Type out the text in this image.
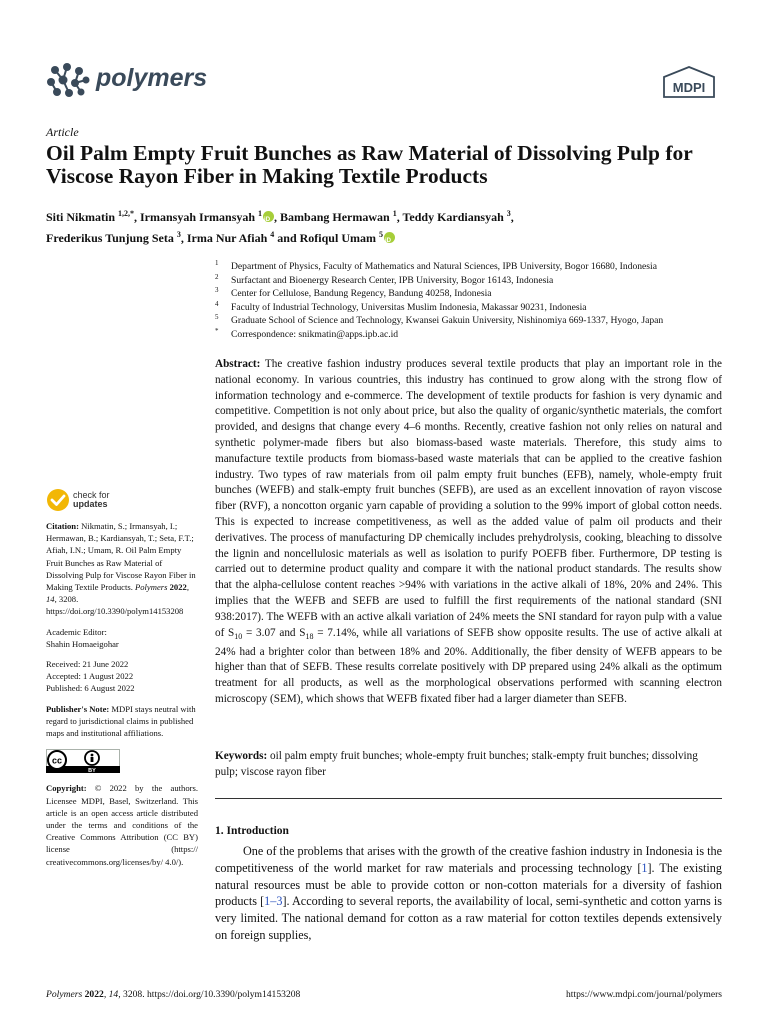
polymers	MDPI
Article
Oil Palm Empty Fruit Bunches as Raw Material of Dissolving Pulp for Viscose Rayon Fiber in Making Textile Products
Siti Nikmatin $^{1,2,*}$, Irmansyah Irmansyah $^1$iD , Bambang Hermawan $^1$, Teddy Kardiansyah $^3$,
Frederikus Tunjung Seta $^3$, Irma Nur Afiah $^4$ and Rofiqul Umam $^5$iD
1 Department of Physics, Faculty of Mathematics and Natural Sciences, IPB University, Bogor 16680, Indonesia
2 Surfactant and Bioenergy Research Center, IPB University, Bogor 16143, Indonesia
3 Center for Cellulose, Bandung Regency, Bandung 40258, Indonesia
4 Faculty of Industrial Technology, Universitas Muslim Indonesia, Makassar 90231, Indonesia
5 Graduate School of Science and Technology, Kwansei Gakuin University, Nishinomiya 669-1337, Hyogo, Japan
* Correspondence: snikmatin@apps.ipb.ac.id
Abstract: The creative fashion industry produces several textile products that play an important role in the national economy. In various countries, this industry has continued to grow along with the strong flow of information technology and e-commerce. The development of textile products for fashion is very dynamic and competitive. Competition is not only about price, but also the quality of organic/synthetic materials, the comfort provided, and designs that change every 4–6 months. Recently, creative fashion not only relies on natural and synthetic polymer-made fibers but also biomass-based waste materials. Therefore, this study aims to manufacture textile products from biomass-based waste materials that can be applied to the creative fashion industry. Two types of raw materials from oil palm empty fruit bunches (EFB), namely, whole-empty fruit bunches (WEFB) and stalk-empty fruit bunches (SEFB), are used as an excellent innovation of rayon viscose fiber (RVF), a noncotton organic yarn capable of providing a solution to the 99% import of global cotton needs. This is expected to increase competitiveness, as well as the added value of palm oil products and their derivatives. The process of manufacturing DP chemically includes prehydrolysis, cooking, bleaching to dissolve the lignin and noncellulosic materials as well as isolation to purify POEFB fiber. Furthermore, DP testing is carried out to determine product quality and compare it with the national product standards. The results show that the alpha-cellulose content reaches >94% with variations in the active alkali of 18%, 20% and 24%. This implies that the WEFB and SEFB are used to fulfill the first requirements of the national standard (SNI 938:2017). The WEFB with an active alkali variation of 24% meets the SNI standard for rayon pulp with a value of $S_{10} = 3.07$ and $S_{18} = 7.14\%$, while all variations of SEFB show opposite results. The use of active alkali at 24% had a brighter color than between 18% and 20%. Additionally, the fiber density of WEFB appears to be higher than that of SEFB. These results correlate positively with DP prepared using 24% alkali as the optimum treatment for all products, as well as the morphological observations performed with scanning electron microscopy (SEM), which shows that WEFB fixated fiber had a larger diameter than SEFB.
Keywords: oil palm empty fruit bunches; whole-empty fruit bunches; stalk-empty fruit bunches; dissolving pulp; viscose rayon fiber
1. Introduction
One of the problems that arises with the growth of the creative fashion industry in Indonesia is the competitiveness of the world market for raw materials and processing technology [1]. The existing natural resources must be able to provide cotton or non-cotton materials for a diversity of fashion products [1–3]. According to several reports, the availability of local, semi-synthetic and cotton yarns is very limited. The national demand for cotton as a raw material for cotton textiles depends extensively on foreign supplies,
check for
updates
Citation: Nikmatin, S.; Irmansyah, I.; Hermawan, B.; Kardiansyah, T.; Seta, F.T.; Afiah, I.N.; Umam, R. Oil Palm Empty Fruit Bunches as Raw Material of Dissolving Pulp for Viscose Rayon Fiber in Making Textile Products. Polymers 2022, 14, 3208. https://doi.org/10.3390/polym14153208
Academic Editor:
Shahin Homaeigohar
Received: 21 June 2022
Accepted: 1 August 2022
Published: 6 August 2022
Publisher's Note: MDPI stays neutral with regard to jurisdictional claims in published maps and institutional affiliations.
cc
BY
Copyright: © 2022 by the authors. Licensee MDPI, Basel, Switzerland. This article is an open access article distributed under the terms and conditions of the Creative Commons Attribution (CC BY) license (https:// creativecommons.org/licenses/by/ 4.0/).
Polymers 2022, 14, 3208. https://doi.org/10.3390/polym14153208	https://www.mdpi.com/journal/polymers
